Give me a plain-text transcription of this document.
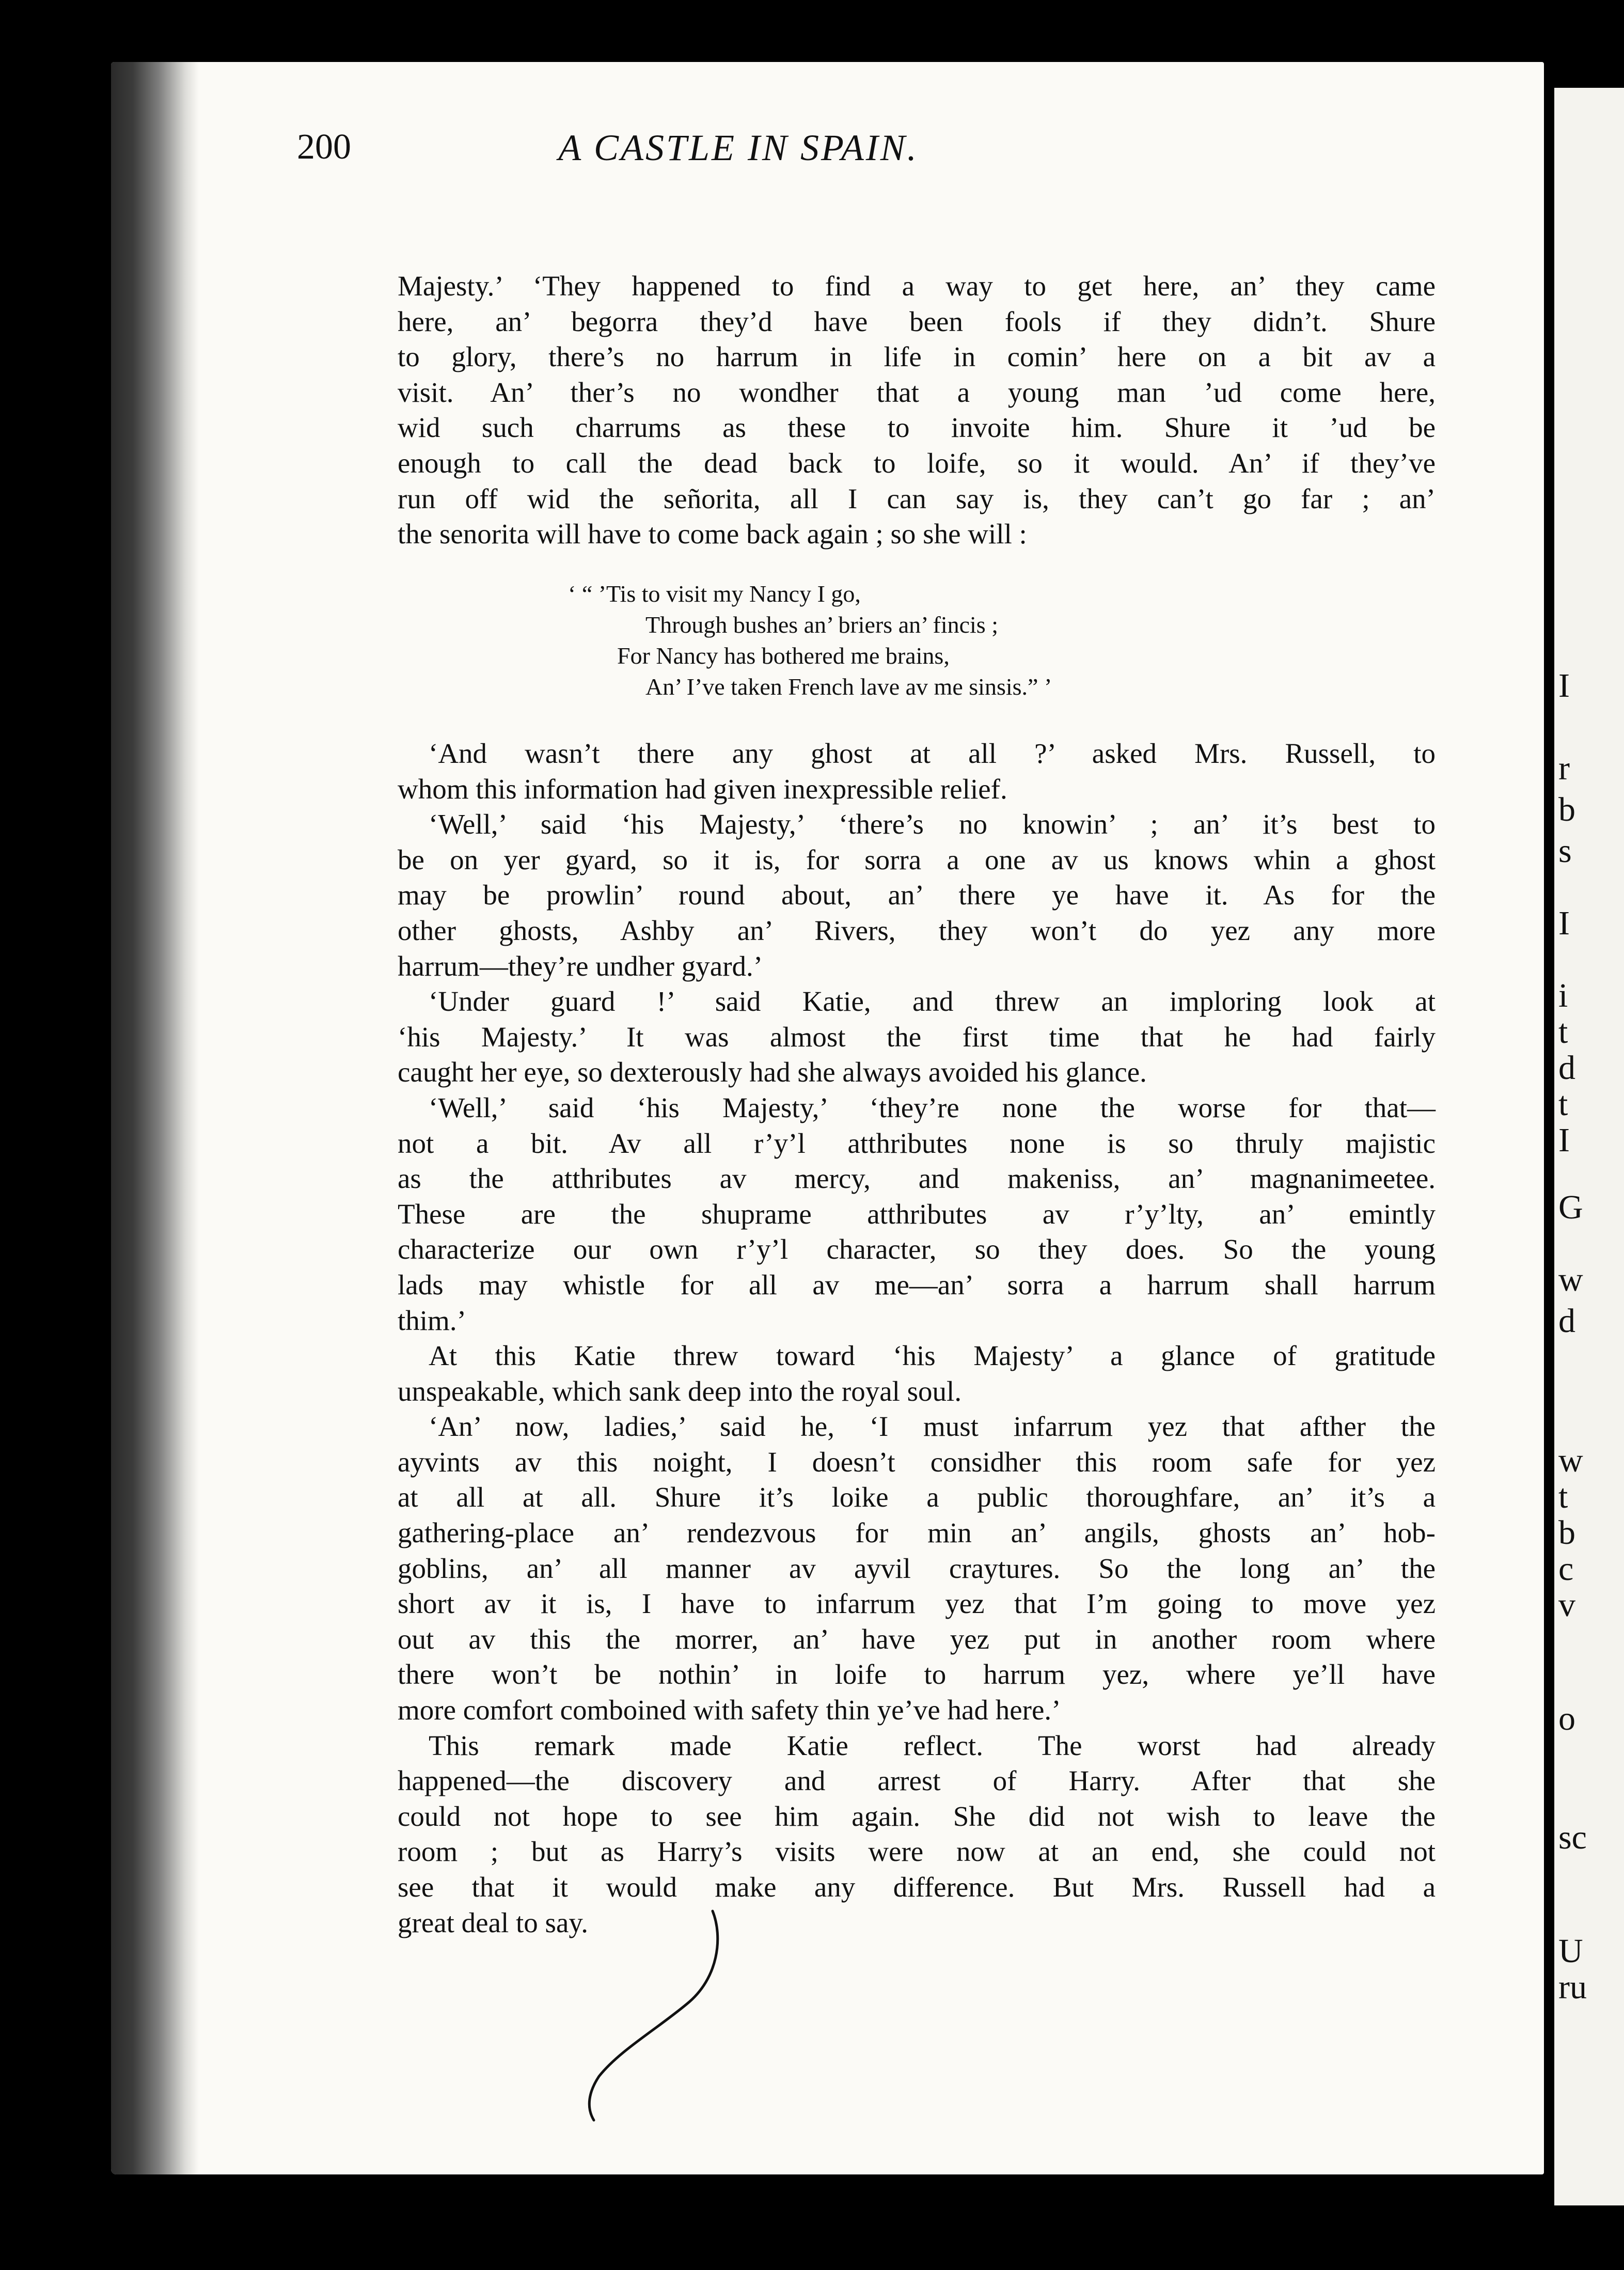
I
r
b
s
I
i
t
d
t
I
G
w
d
w
t
b
c
v
o
sc
U
ru
200	A CASTLE IN SPAIN.
Majesty.’ ‘They happened to find a way to get here, an’ they came
here, an’ begorra they’d have been fools if they didn’t. Shure
to glory, there’s no harrum in life in comin’ here on a bit av a
visit. An’ ther’s no wondher that a young man ’ud come here,
wid such charrums as these to invoite him. Shure it ’ud be
enough to call the dead back to loife, so it would. An’ if they’ve
run off wid the señorita, all I can say is, they can’t go far ; an’
the senorita will have to come back again ; so she will :
‘ “ ’Tis to visit my Nancy I go,
Through bushes an’ briers an’ fincis ;
For Nancy has bothered me brains,
An’ I’ve taken French lave av me sinsis.” ’
‘And wasn’t there any ghost at all ?’ asked Mrs. Russell, to
whom this information had given inexpressible relief.
‘Well,’ said ‘his Majesty,’ ‘there’s no knowin’ ; an’ it’s best to
be on yer gyard, so it is, for sorra a one av us knows whin a ghost
may be prowlin’ round about, an’ there ye have it. As for the
other ghosts, Ashby an’ Rivers, they won’t do yez any more
harrum—they’re undher gyard.’
‘Under guard !’ said Katie, and threw an imploring look at
‘his Majesty.’ It was almost the first time that he had fairly
caught her eye, so dexterously had she always avoided his glance.
‘Well,’ said ‘his Majesty,’ ‘they’re none the worse for that—
not a bit. Av all r’y’l atthributes none is so thruly majistic
as the atthributes av mercy, and makeniss, an’ magnanimeetee.
These are the shuprame atthributes av r’y’lty, an’ emintly
characterize our own r’y’l character, so they does. So the young
lads may whistle for all av me—an’ sorra a harrum shall harrum
thim.’
At this Katie threw toward ‘his Majesty’ a glance of gratitude
unspeakable, which sank deep into the royal soul.
‘An’ now, ladies,’ said he, ‘I must infarrum yez that afther the
ayvints av this noight, I doesn’t considher this room safe for yez
at all at all. Shure it’s loike a public thoroughfare, an’ it’s a
gathering-place an’ rendezvous for min an’ angils, ghosts an’ hob-
goblins, an’ all manner av ayvil craytures. So the long an’ the
short av it is, I have to infarrum yez that I’m going to move yez
out av this the morrer, an’ have yez put in another room where
there won’t be nothin’ in loife to harrum yez, where ye’ll have
more comfort comboined with safety thin ye’ve had here.’
This remark made Katie reflect. The worst had already
happened—the discovery and arrest of Harry. After that she
could not hope to see him again. She did not wish to leave the
room ; but as Harry’s visits were now at an end, she could not
see that it would make any difference. But Mrs. Russell had a
great deal to say.
